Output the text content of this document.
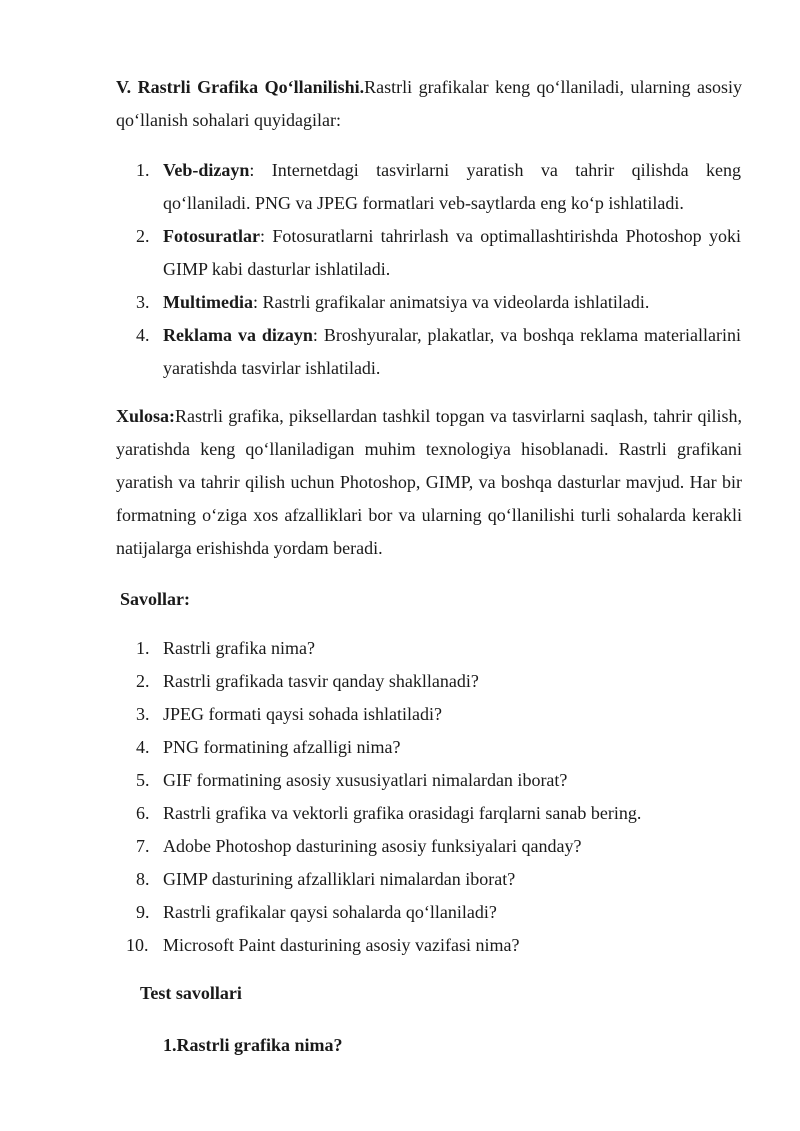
V. Rastrli Grafika Qo‘llanilishi.Rastrli grafikalar keng qo‘llaniladi, ularning asosiy qo‘llanish sohalari quyidagilar:

1. Veb-dizayn: Internetdagi tasvirlarni yaratish va tahrir qilishda keng qo‘llaniladi. PNG va JPEG formatlari veb-saytlarda eng ko‘p ishlatiladi.
2. Fotosuratlar: Fotosuratlarni tahrirlash va optimallashtirishda Photoshop yoki GIMP kabi dasturlar ishlatiladi.
3. Multimedia: Rastrli grafikalar animatsiya va videolarda ishlatiladi.
4. Reklama va dizayn: Broshyuralar, plakatlar, va boshqa reklama materiallarini yaratishda tasvirlar ishlatiladi.

Xulosa:Rastrli grafika, piksellardan tashkil topgan va tasvirlarni saqlash, tahrir qilish, yaratishda keng qo‘llaniladigan muhim texnologiya hisoblanadi. Rastrli grafikani yaratish va tahrir qilish uchun Photoshop, GIMP, va boshqa dasturlar mavjud. Har bir formatning o‘ziga xos afzalliklari bor va ularning qo‘llanilishi turli sohalarda kerakli natijalarga erishishda yordam beradi.

Savollar:

1. Rastrli grafika nima?
2. Rastrli grafikada tasvir qanday shakllanadi?
3. JPEG formati qaysi sohada ishlatiladi?
4. PNG formatining afzalligi nima?
5. GIF formatining asosiy xususiyatlari nimalardan iborat?
6. Rastrli grafika va vektorli grafika orasidagi farqlarni sanab bering.
7. Adobe Photoshop dasturining asosiy funksiyalari qanday?
8. GIMP dasturining afzalliklari nimalardan iborat?
9. Rastrli grafikalar qaysi sohalarda qo‘llaniladi?
10. Microsoft Paint dasturining asosiy vazifasi nima?

Test savollari

1.Rastrli grafika nima?
